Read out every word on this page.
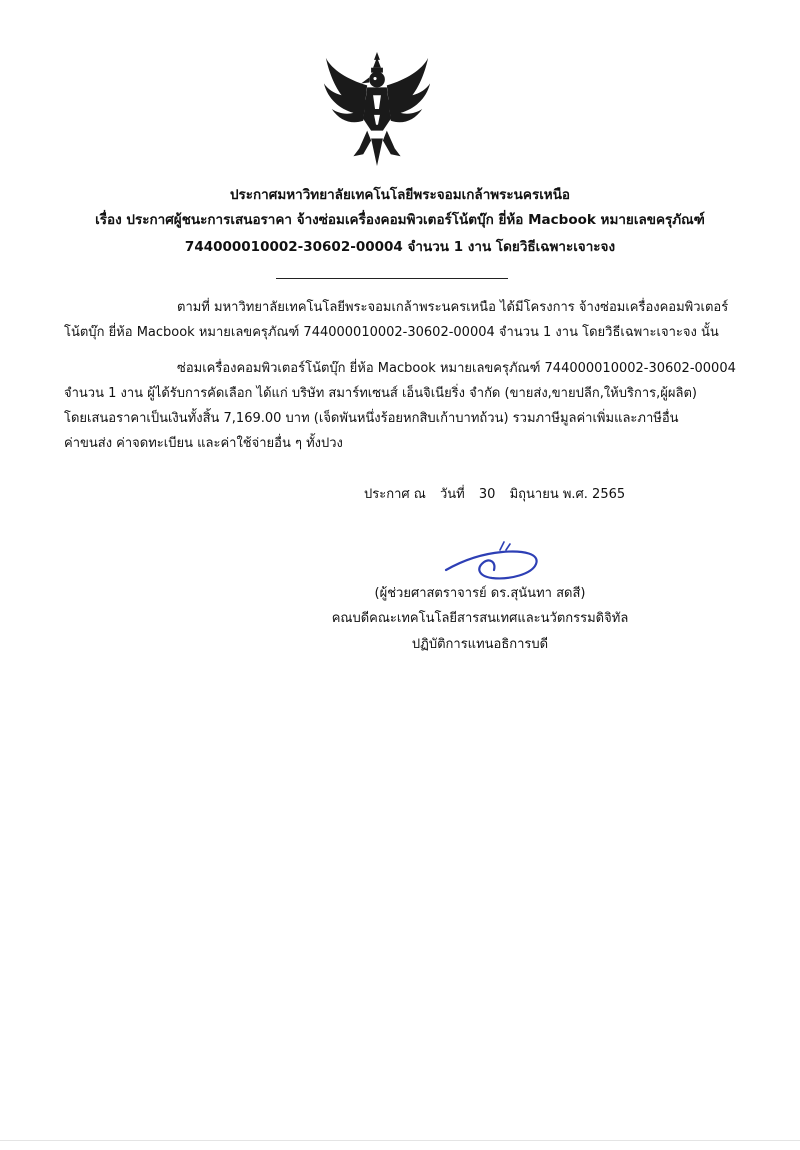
ประกาศมหาวิทยาลัยเทคโนโลยีพระจอมเกล้าพระนครเหนือ
เรื่อง ประกาศผู้ชนะการเสนอราคา จ้างซ่อมเครื่องคอมพิวเตอร์โน้ตบุ๊ก ยี่ห้อ Macbook หมายเลขครุภัณฑ์
744000010002-30602-00004 จำนวน 1 งาน โดยวิธีเฉพาะเจาะจง
ตามที่ มหาวิทยาลัยเทคโนโลยีพระจอมเกล้าพระนครเหนือ ได้มีโครงการ จ้างซ่อมเครื่องคอมพิวเตอร์
โน้ตบุ๊ก ยี่ห้อ Macbook หมายเลขครุภัณฑ์ 744000010002-30602-00004 จำนวน 1 งาน โดยวิธีเฉพาะเจาะจง นั้น
ซ่อมเครื่องคอมพิวเตอร์โน้ตบุ๊ก ยี่ห้อ Macbook หมายเลขครุภัณฑ์ 744000010002-30602-00004
จำนวน 1 งาน ผู้ได้รับการคัดเลือก ได้แก่ บริษัท สมาร์ทเซนส์ เอ็นจิเนียริ่ง จำกัด (ขายส่ง,ขายปลีก,ให้บริการ,ผู้ผลิต)
โดยเสนอราคาเป็นเงินทั้งสิ้น 7,169.00 บาท (เจ็ดพันหนึ่งร้อยหกสิบเก้าบาทถ้วน) รวมภาษีมูลค่าเพิ่มและภาษีอื่น
ค่าขนส่ง ค่าจดทะเบียน และค่าใช้จ่ายอื่น ๆ ทั้งปวง
ประกาศ ณ วันที่ 30 มิถุนายน พ.ศ. 2565
(ผู้ช่วยศาสตราจารย์ ดร.สุนันทา สดสี)
คณบดีคณะเทคโนโลยีสารสนเทศและนวัตกรรมดิจิทัล
ปฏิบัติการแทนอธิการบดี
